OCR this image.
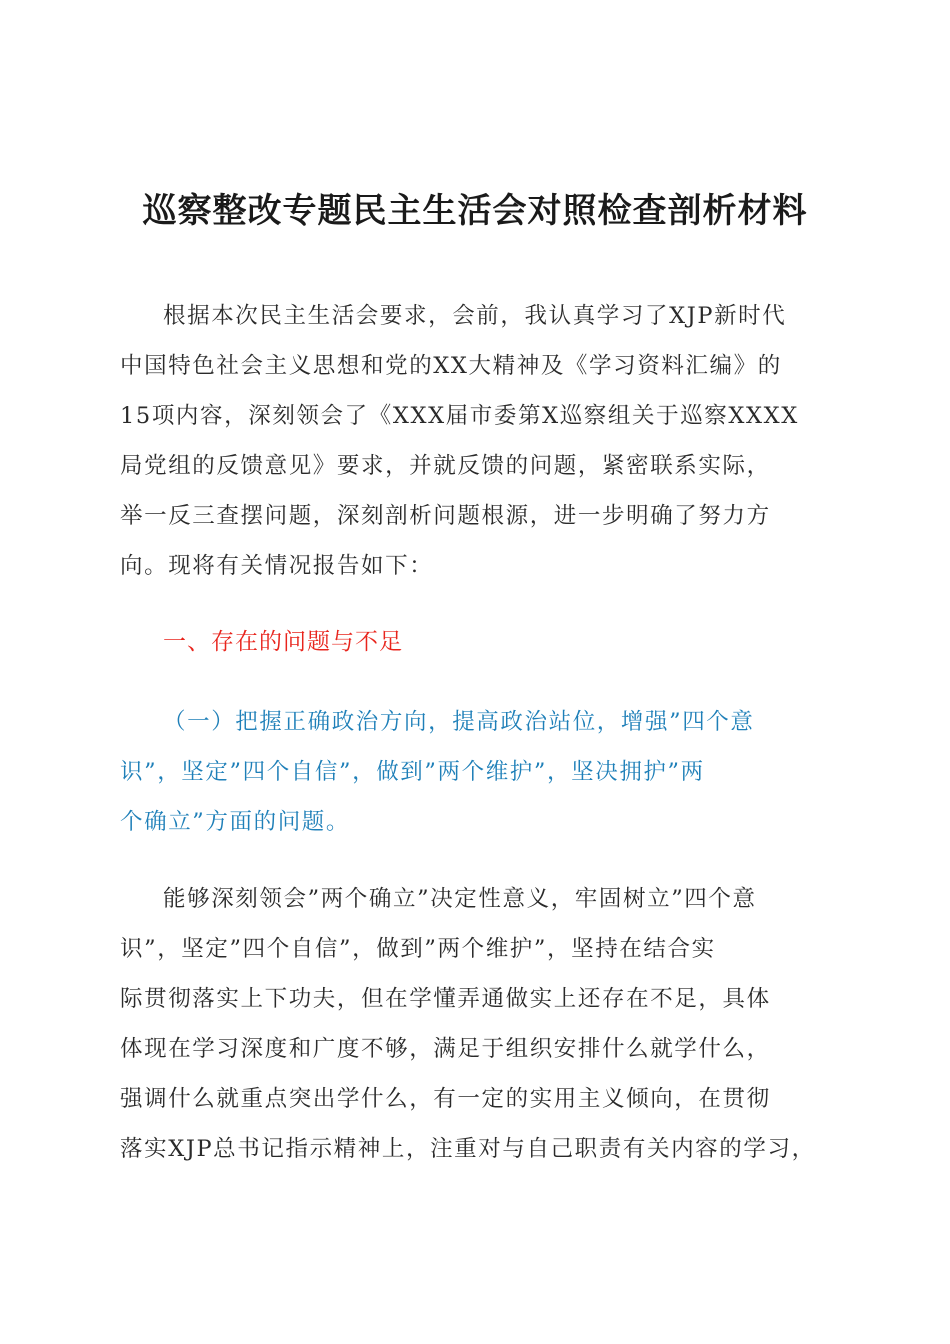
巡察整改专题民主生活会对照检查剖析材料
根据本次民主生活会要求，会前，我认真学习了XJP新时代
中国特色社会主义思想和党的XX大精神及《学习资料汇编》的
15项内容，深刻领会了《XXX届市委第X巡察组关于巡察XXXX
局党组的反馈意见》要求，并就反馈的问题，紧密联系实际，
举一反三查摆问题，深刻剖析问题根源，进一步明确了努力方
向。现将有关情况报告如下：
一、存在的问题与不足
（一）把握正确政治方向，提高政治站位，增强”四个意
识”，坚定”四个自信”，做到”两个维护”，坚决拥护”两
个确立”方面的问题。
能够深刻领会”两个确立”决定性意义，牢固树立”四个意
识”，坚定”四个自信”，做到”两个维护”，坚持在结合实
际贯彻落实上下功夫，但在学懂弄通做实上还存在不足，具体
体现在学习深度和广度不够，满足于组织安排什么就学什么，
强调什么就重点突出学什么，有一定的实用主义倾向，在贯彻
落实XJP总书记指示精神上，注重对与自己职责有关内容的学习，
